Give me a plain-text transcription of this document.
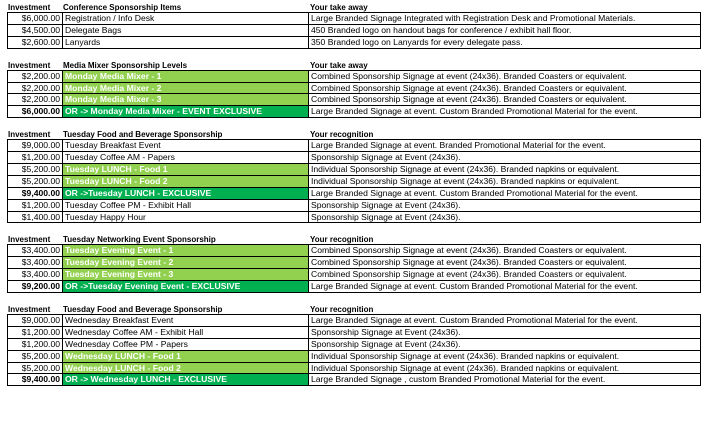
Investment Conference Sponsorship Items	Your take away
$6,000.00 Registration / Info Desk	Large Branded Signage Integrated with Registration Desk and Promotional Materials.
$4,500.00 Delegate Bags	450 Branded logo on handout bags for conference / exhibit hall floor.
$2,600.00 Lanyards	350 Branded logo on Lanyards for every delegate pass.
Investment Media Mixer Sponsorship Levels	Your take away
$2,200.00 Monday Media Mixer - 1	Combined Sponsorship Signage at event (24x36). Branded Coasters or equivalent.
$2,200.00 Monday Media Mixer - 2	Combined Sponsorship Signage at event (24x36). Branded Coasters or equivalent.
$2,200.00 Monday Media Mixer - 3	Combined Sponsorship Signage at event (24x36). Branded Coasters or equivalent.
$6,000.00 OR -> Monday Media Mixer - EVENT EXCLUSIVE	Large Branded Signage at event. Custom Branded Promotional Material for the event.
Investment Tuesday Food and Beverage Sponsorship	Your recognition
$9,000.00 Tuesday Breakfast Event	Large Branded Signage at event. Branded Promotional Material for the event.
$1,200.00 Tuesday Coffee AM - Papers	Sponsorship Signage at Event (24x36).
$5,200.00 Tuesday LUNCH - Food 1	Individual Sponsorship Signage at event (24x36). Branded napkins or equivalent.
$5,200.00 Tuesday LUNCH - Food 2	Individual Sponsorship Signage at event (24x36). Branded napkins or equivalent.
$9,400.00 OR ->Tuesday LUNCH - EXCLUSIVE	Large Branded Signage at event. Custom Branded Promotional Material for the event.
$1,200.00 Tuesday Coffee PM - Exhibit Hall	Sponsorship Signage at Event (24x36).
$1,400.00 Tuesday Happy Hour	Sponsorship Signage at Event (24x36).
Investment Tuesday Networking Event Sponsorship	Your recognition
$3,400.00 Tuesday Evening Event - 1	Combined Sponsorship Signage at event (24x36). Branded Coasters or equivalent.
$3,400.00 Tuesday Evening Event - 2	Combined Sponsorship Signage at event (24x36). Branded Coasters or equivalent.
$3,400.00 Tuesday Evening Event - 3	Combined Sponsorship Signage at event (24x36). Branded Coasters or equivalent.
$9,200.00 OR ->Tuesday Evening Event - EXCLUSIVE	Large Branded Signage at event. Custom Branded Promotional Material for the event.
Investment Tuesday Food and Beverage Sponsorship	Your recognition
$9,000.00 Wednesday Breakfast Event	Large Branded Signage at event. Custom Branded Promotional Material for the event.
$1,200.00 Wednesday Coffee AM - Exhibit Hall	Sponsorship Signage at Event (24x36).
$1,200.00 Wednesday Coffee PM - Papers	Sponsorship Signage at Event (24x36).
$5,200.00 Wednesday LUNCH - Food 1	Individual Sponsorship Signage at event (24x36). Branded napkins or equivalent.
$5,200.00 Wednesday LUNCH - Food 2	Individual Sponsorship Signage at event (24x36). Branded napkins or equivalent.
$9,400.00 OR -> Wednesday LUNCH - EXCLUSIVE	Large Branded Signage , custom Branded Promotional Material for the event.
